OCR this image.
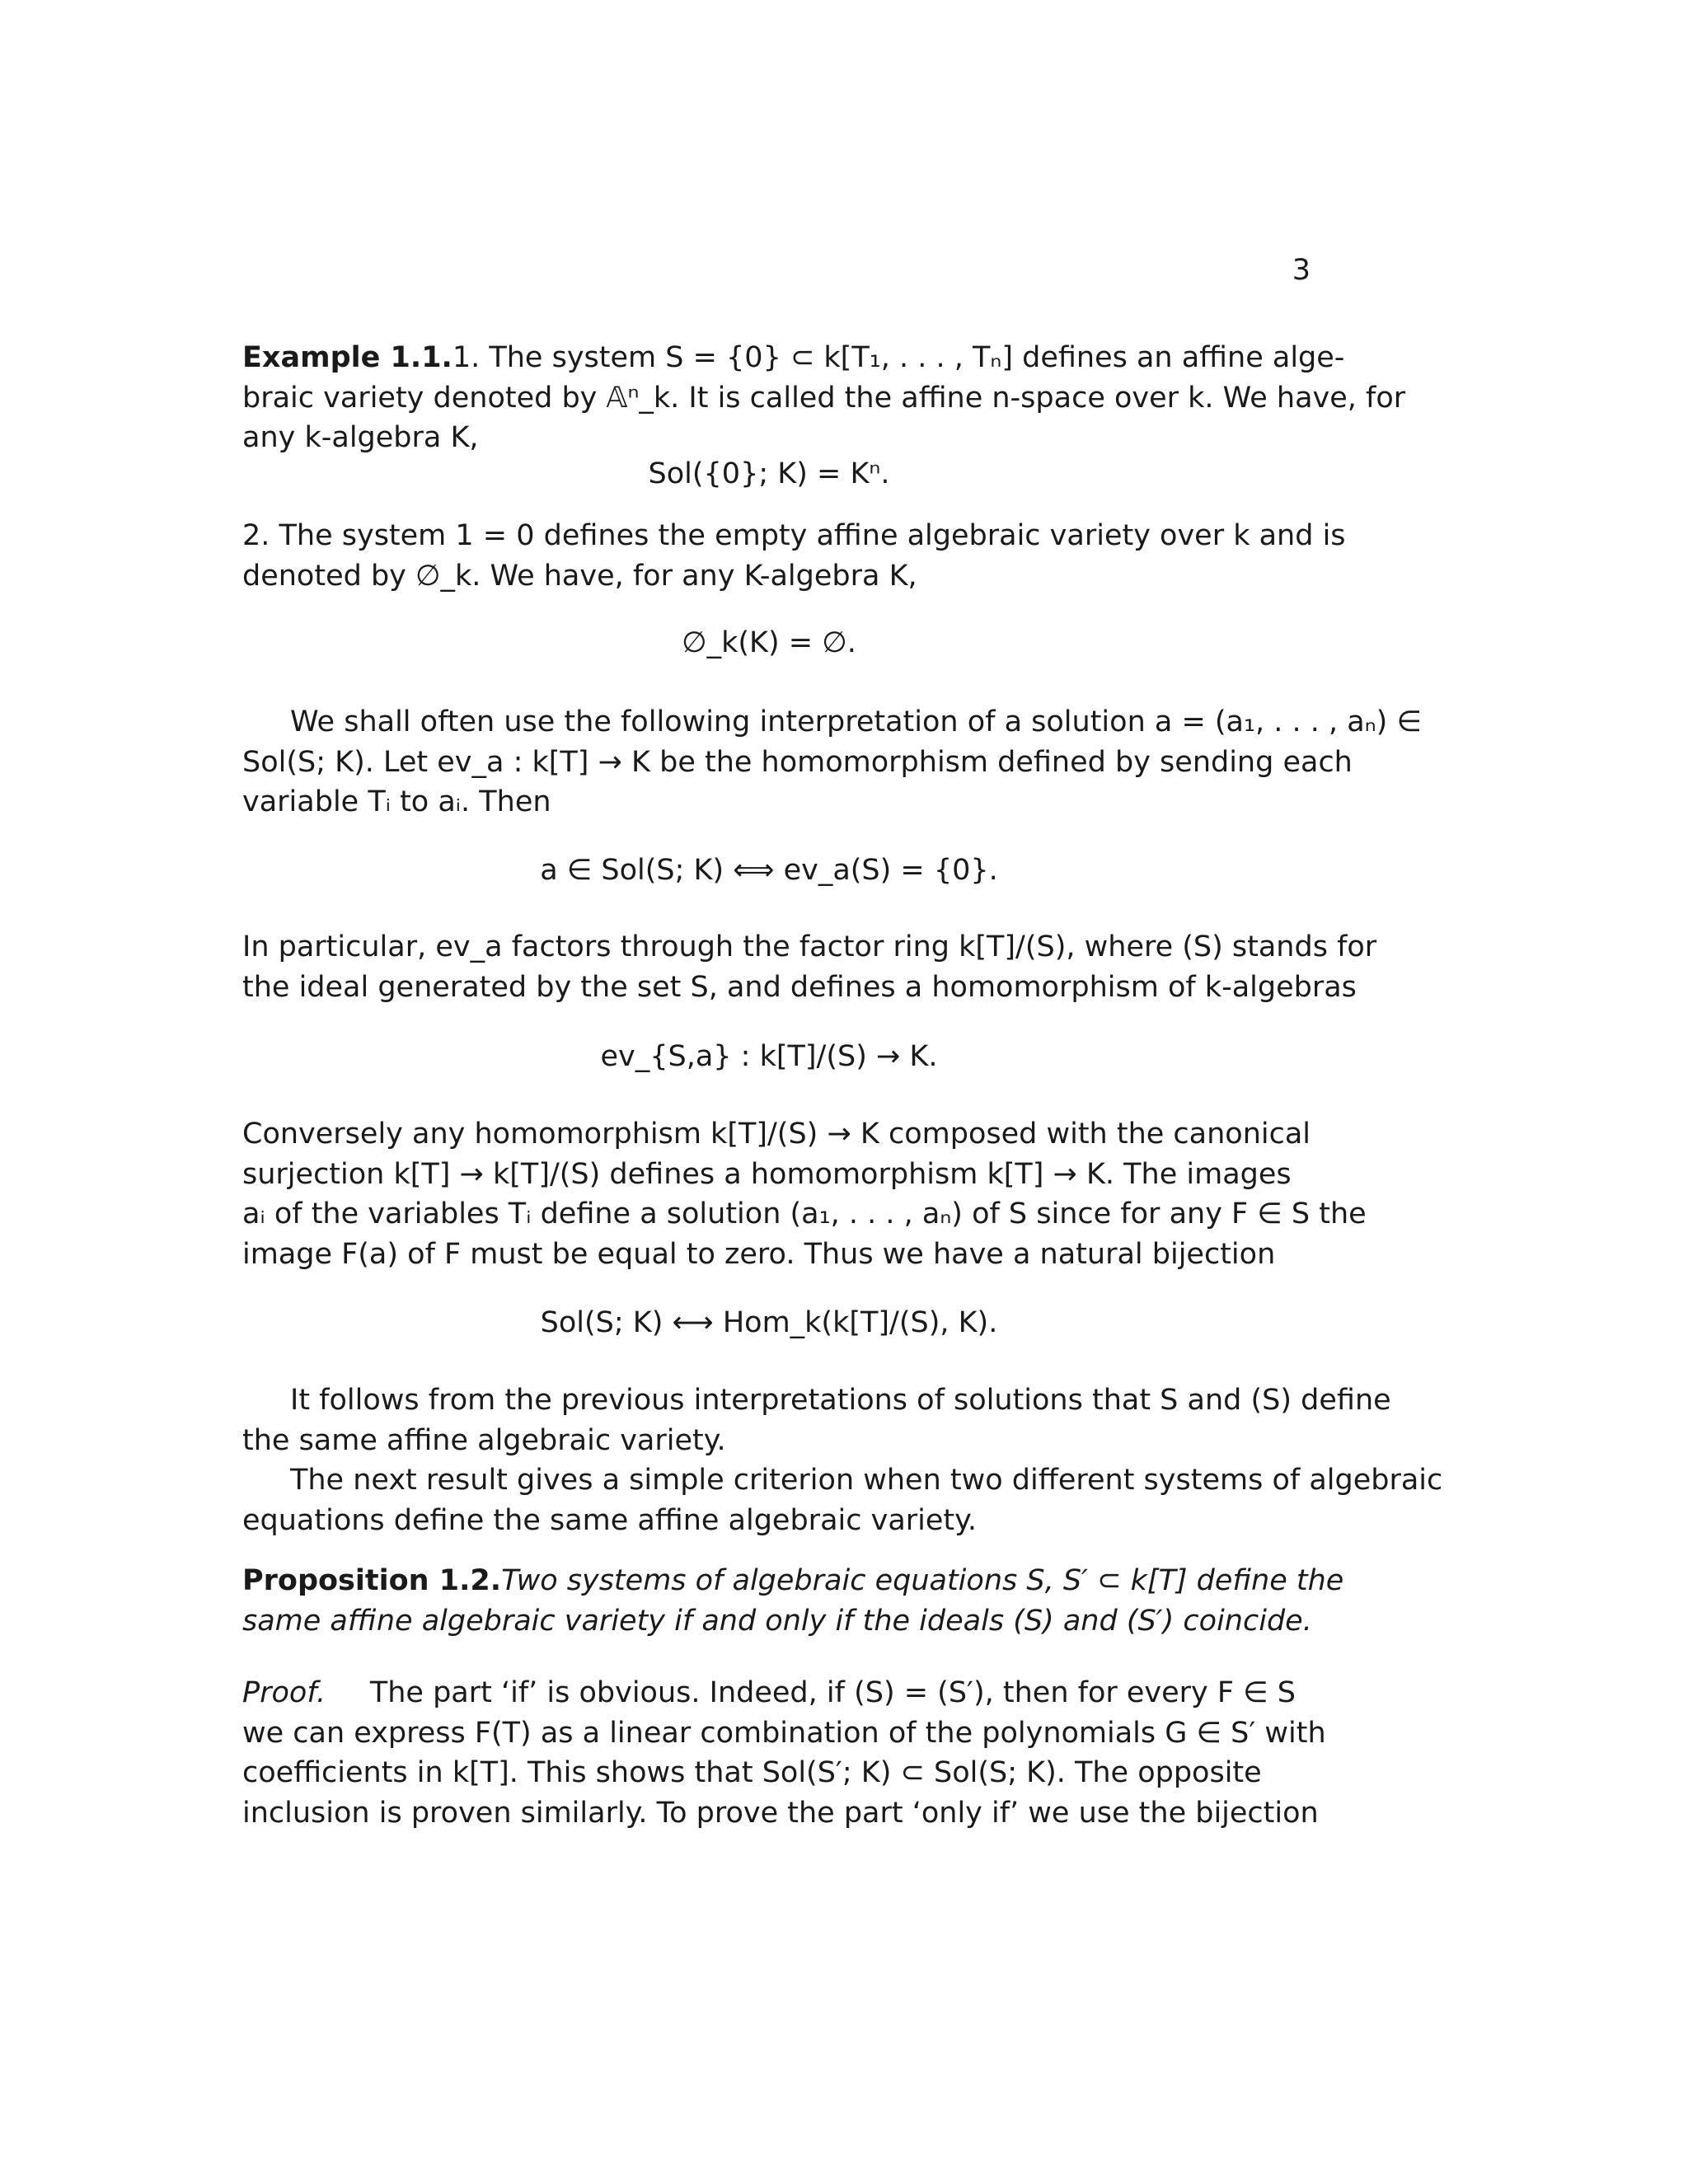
3
Example 1.1. 1. The system S = {0} ⊂ k[T₁, . . . , Tₙ] defines an affine alge-
braic variety denoted by 𝔸ⁿ_k. It is called the affine n-space over k. We have, for
any k-algebra K,
Sol({0}; K) = Kⁿ.
2. The system 1 = 0 defines the empty affine algebraic variety over k and is
denoted by ∅_k. We have, for any K-algebra K,
∅_k(K) = ∅.
We shall often use the following interpretation of a solution a = (a₁, . . . , aₙ) ∈
Sol(S; K). Let ev_a : k[T] → K be the homomorphism defined by sending each
variable Tᵢ to aᵢ. Then
a ∈ Sol(S; K) ⟺ ev_a(S) = {0}.
In particular, ev_a factors through the factor ring k[T]/(S), where (S) stands for
the ideal generated by the set S, and defines a homomorphism of k-algebras
ev_{S,a} : k[T]/(S) → K.
Conversely any homomorphism k[T]/(S) → K composed with the canonical
surjection k[T] → k[T]/(S) defines a homomorphism k[T] → K. The images
aᵢ of the variables Tᵢ define a solution (a₁, . . . , aₙ) of S since for any F ∈ S the
image F(a) of F must be equal to zero. Thus we have a natural bijection
Sol(S; K) ⟷ Hom_k(k[T]/(S), K).
It follows from the previous interpretations of solutions that S and (S) define
the same affine algebraic variety.
The next result gives a simple criterion when two different systems of algebraic
equations define the same affine algebraic variety.
Proposition 1.2. Two systems of algebraic equations S, S′ ⊂ k[T] define the
same affine algebraic variety if and only if the ideals (S) and (S′) coincide.
Proof. The part ‘if’ is obvious. Indeed, if (S) = (S′), then for every F ∈ S
we can express F(T) as a linear combination of the polynomials G ∈ S′ with
coefficients in k[T]. This shows that Sol(S′; K) ⊂ Sol(S; K). The opposite
inclusion is proven similarly. To prove the part ‘only if’ we use the bijection
